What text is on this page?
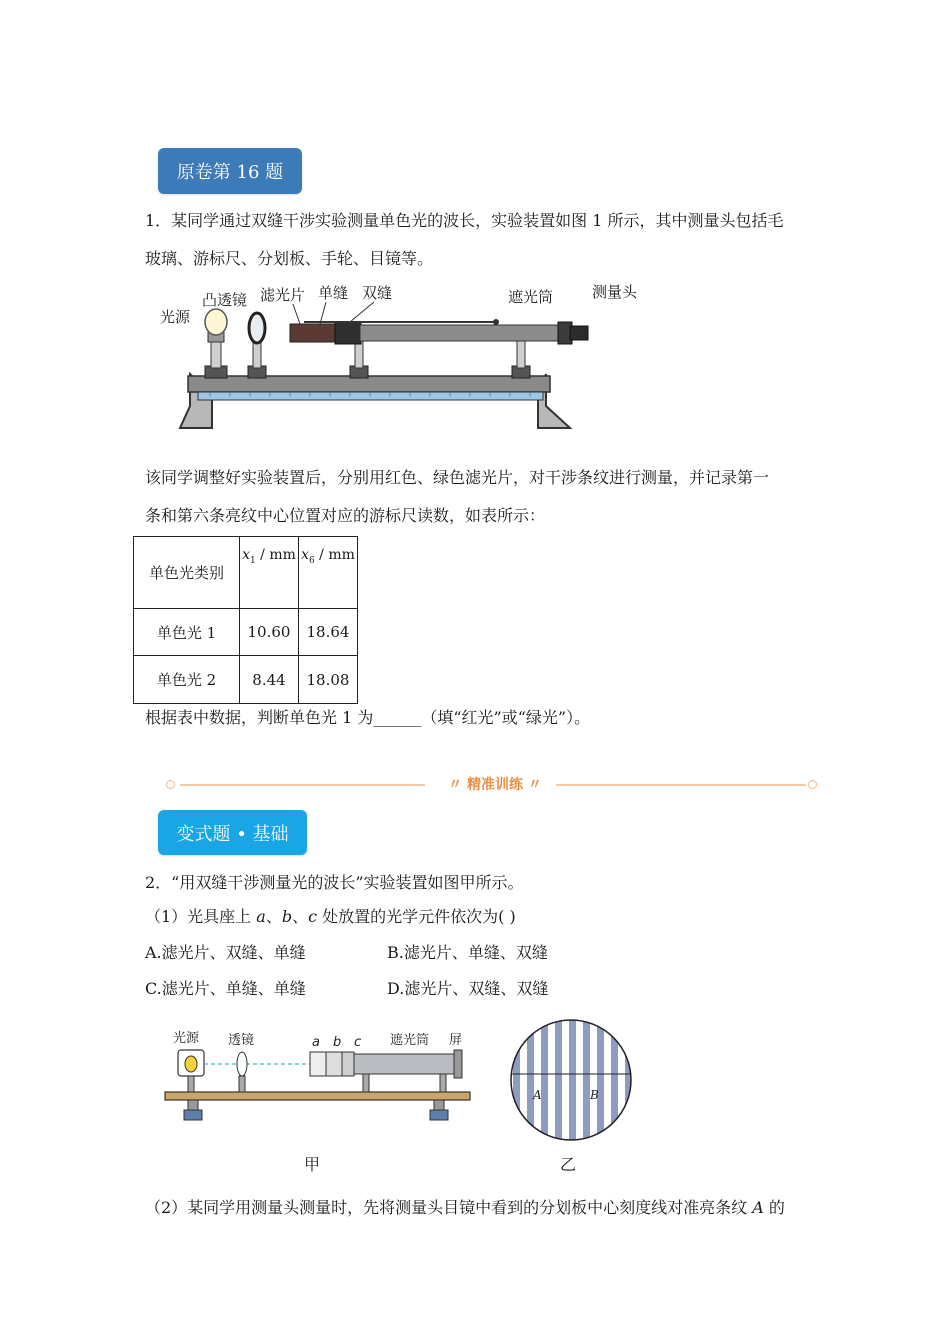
原卷第 16 题
1．某同学通过双缝干涉实验测量单色光的波长，实验装置如图 1 所示，其中测量头包括毛
玻璃、游标尺、分划板、手轮、目镜等。
光源
凸透镜 滤光片 单缝 双缝	遮光筒	测量头
该同学调整好实验装置后，分别用红色、绿色滤光片，对干涉条纹进行测量，并记录第一
条和第六条亮纹中心位置对应的游标尺读数，如表所示：
单色光类别	$x_1$ / mm	$x_6$ / mm
单色光 1	10.60	18.64
单色光 2	8.44	18.08
根据表中数据，判断单色光 1 为______（填“红光”或“绿光”）。
〃 精准训练 〃
变式题 • 基础
2．“用双缝干涉测量光的波长”实验装置如图甲所示。
（1）光具座上 a、b、c 处放置的光学元件依次为( )
A.滤光片、双缝、单缝	B.滤光片、单缝、双缝
C.滤光片、单缝、单缝	D.滤光片、双缝、双缝
光源 透镜	a b c 遮光筒 屏
A	B
甲	乙
（2）某同学用测量头测量时，先将测量头目镜中看到的分划板中心刻度线对准亮条纹 A 的
